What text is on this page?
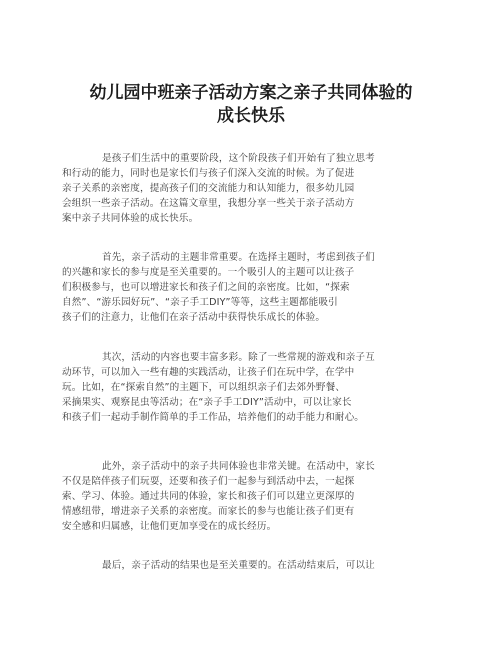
幼儿园中班亲子活动方案之亲子共同体验的
成长快乐
是孩子们生活中的重要阶段，这个阶段孩子们开始有了独立思考
和行动的能力，同时也是家长们与孩子们深入交流的时候。为了促进
亲子关系的亲密度，提高孩子们的交流能力和认知能力，很多幼儿园
会组织一些亲子活动。在这篇文章里，我想分享一些关于亲子活动方
案中亲子共同体验的成长快乐。
首先，亲子活动的主题非常重要。在选择主题时，考虑到孩子们
的兴趣和家长的参与度是至关重要的。一个吸引人的主题可以让孩子
们积极参与，也可以增进家长和孩子们之间的亲密度。比如，“探索
自然”、“游乐园好玩”、“亲子手工DIY”等等，这些主题都能吸引
孩子们的注意力，让他们在亲子活动中获得快乐成长的体验。
其次，活动的内容也要丰富多彩。除了一些常规的游戏和亲子互
动环节，可以加入一些有趣的实践活动，让孩子们在玩中学，在学中
玩。比如，在“探索自然”的主题下，可以组织亲子们去郊外野餐、
采摘果实、观察昆虫等活动；在“亲子手工DIY”活动中，可以让家长
和孩子们一起动手制作简单的手工作品，培养他们的动手能力和耐心。
此外，亲子活动中的亲子共同体验也非常关键。在活动中，家长
不仅是陪伴孩子们玩耍，还要和孩子们一起参与到活动中去，一起探
索、学习、体验。通过共同的体验，家长和孩子们可以建立更深厚的
情感纽带，增进亲子关系的亲密度。而家长的参与也能让孩子们更有
安全感和归属感，让他们更加享受在的成长经历。
最后，亲子活动的结果也是至关重要的。在活动结束后，可以让
